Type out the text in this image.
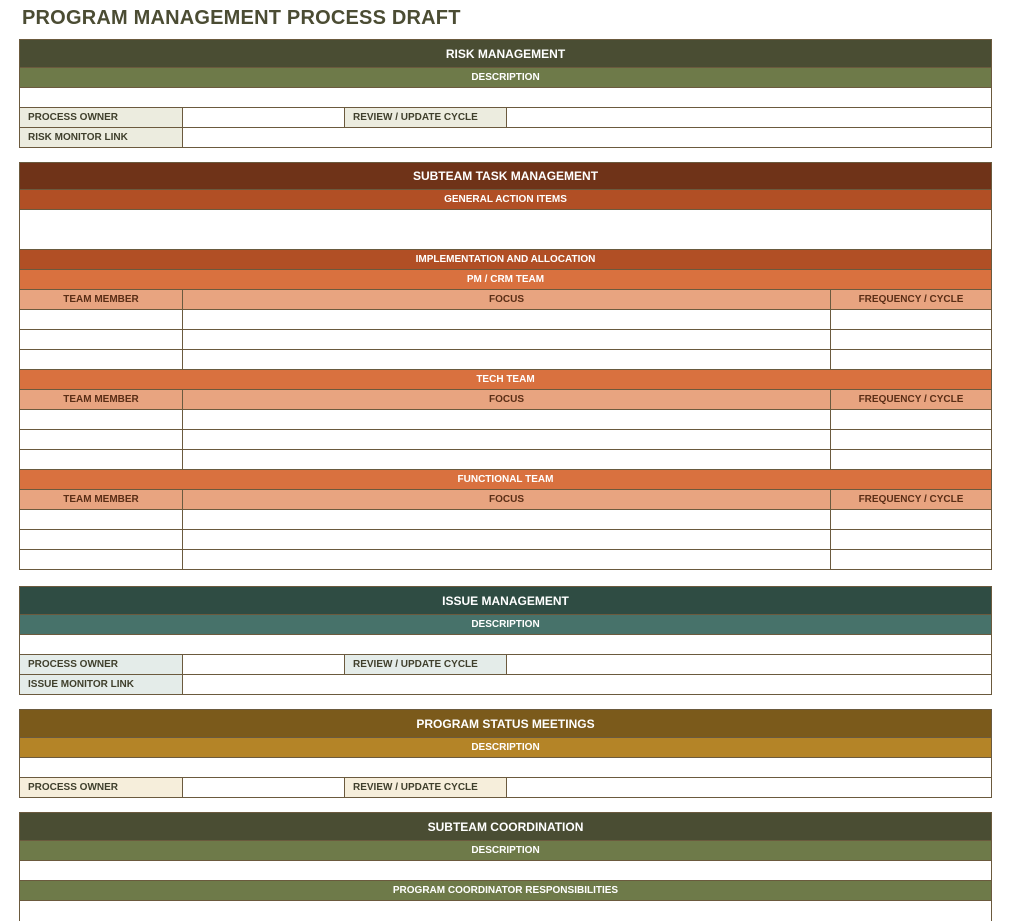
PROGRAM MANAGEMENT PROCESS DRAFT
RISK MANAGEMENT
DESCRIPTION
PROCESS OWNER	REVIEW / UPDATE CYCLE
RISK MONITOR LINK
SUBTEAM TASK MANAGEMENT
GENERAL ACTION ITEMS
IMPLEMENTATION AND ALLOCATION
PM / CRM TEAM
TEAM MEMBER	FOCUS	FREQUENCY / CYCLE
TECH TEAM
TEAM MEMBER	FOCUS	FREQUENCY / CYCLE
FUNCTIONAL TEAM
TEAM MEMBER	FOCUS	FREQUENCY / CYCLE
ISSUE MANAGEMENT
DESCRIPTION
PROCESS OWNER	REVIEW / UPDATE CYCLE
ISSUE MONITOR LINK
PROGRAM STATUS MEETINGS
DESCRIPTION
PROCESS OWNER	REVIEW / UPDATE CYCLE
SUBTEAM COORDINATION
DESCRIPTION
PROGRAM COORDINATOR RESPONSIBILITIES
